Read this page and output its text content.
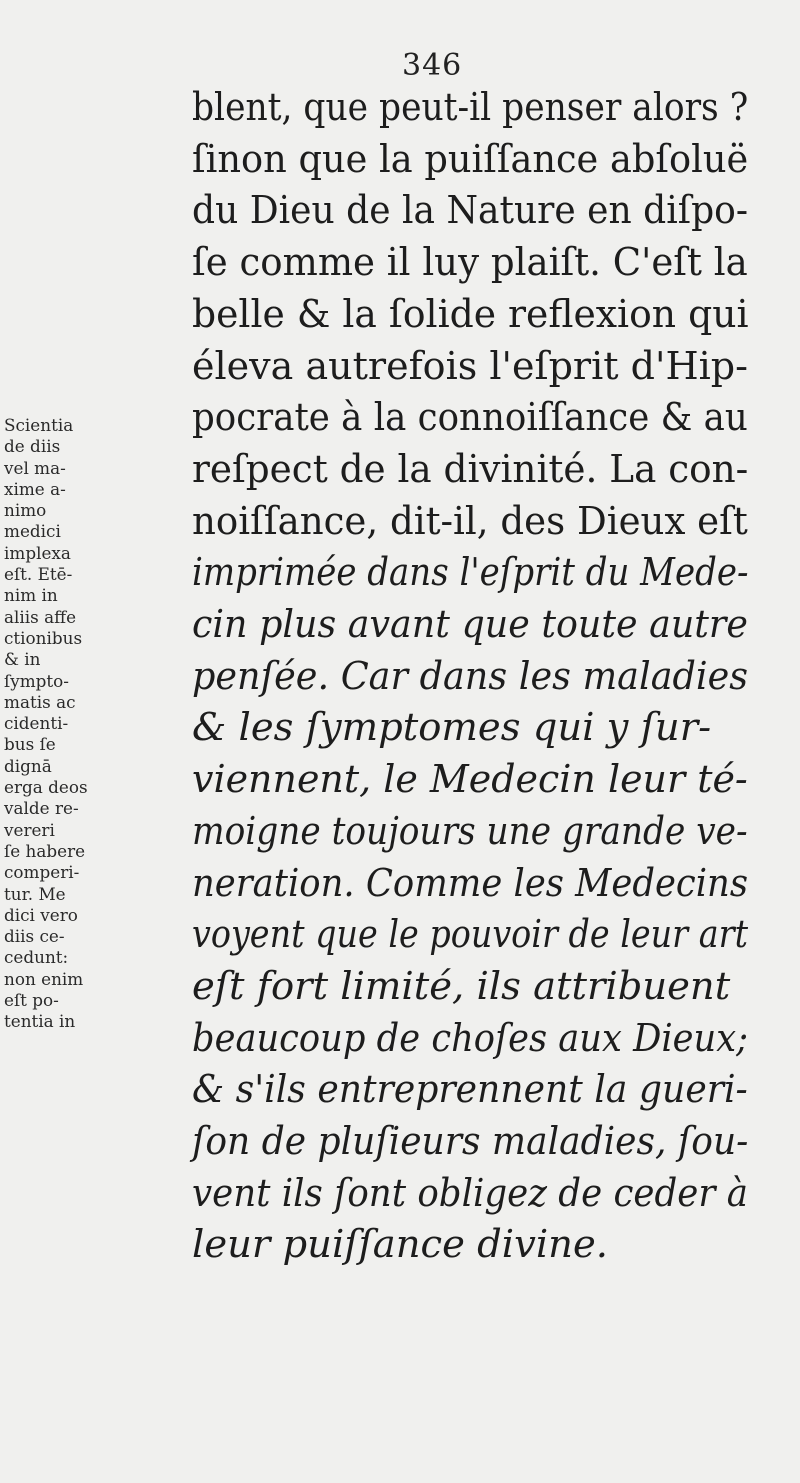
346
blent, que peut-il penser alors ?
ſinon que la puiſſance abſoluë
du Dieu de la Nature en diſpo-
ſe comme il luy plaiſt. C'eſt la
belle & la ſolide reflexion qui
éleva autrefois l'eſprit d'Hip-
pocrate à la connoiſſance & au
reſpect de la divinité. La con-
noiſſance, dit-il, des Dieux eſt
imprimée dans l'eſprit du Mede-
cin plus avant que toute autre
penſée. Car dans les maladies
& les ſymptomes qui y ſur-
viennent, le Medecin leur té-
moigne toujours une grande ve-
neration. Comme les Medecins
voyent que le pouvoir de leur art
eſt fort limité, ils attribuent
beaucoup de choſes aux Dieux;
& s'ils entreprennent la gueri-
ſon de pluſieurs maladies, ſou-
vent ils ſont obligez de ceder à
leur puiſſance divine.
Scientia
de diis
vel ma-
xime a-
nimo
medici
implexa
eſt. Etē-
nim in
aliis affe
ctionibus
& in
ſympto-
matis ac
cidenti-
bus ſe
dignā
erga deos
valde re-
vereri
ſe habere
comperi-
tur. Me
dici vero
diis ce-
cedunt:
non enim
eſt po-
tentia in
